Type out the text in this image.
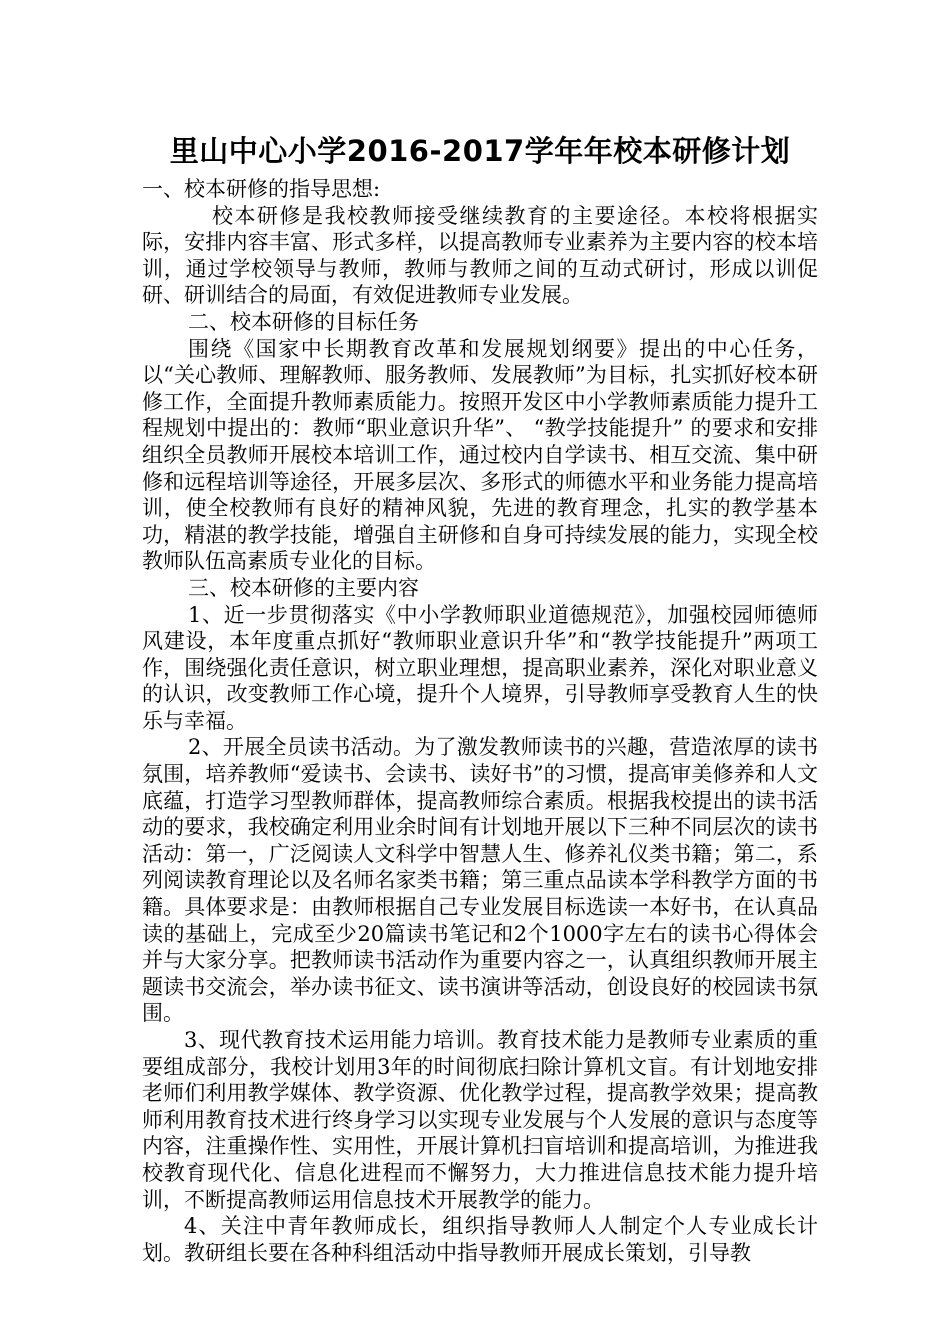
里山中心小学2016-2017学年年校本研修计划

一、校本研修的指导思想:

校本研修是我校教师接受继续教育的主要途径。本校将根据实际，安排内容丰富、形式多样，以提高教师专业素养为主要内容的校本培训，通过学校领导与教师，教师与教师之间的互动式研讨，形成以训促研、研训结合的局面，有效促进教师专业发展。

二、校本研修的目标任务

围绕《国家中长期教育改革和发展规划纲要》提出的中心任务，以“关心教师、理解教师、服务教师、发展教师”为目标，扎实抓好校本研修工作，全面提升教师素质能力。按照开发区中小学教师素质能力提升工程规划中提出的：教师“职业意识升华”、 “教学技能提升” 的要求和安排组织全员教师开展校本培训工作，通过校内自学读书、相互交流、集中研修和远程培训等途径，开展多层次、多形式的师德水平和业务能力提高培训，使全校教师有良好的精神风貌，先进的教育理念，扎实的教学基本功，精湛的教学技能，增强自主研修和自身可持续发展的能力，实现全校教师队伍高素质专业化的目标。

三、校本研修的主要内容

1、近一步贯彻落实《中小学教师职业道德规范》，加强校园师德师风建设，本年度重点抓好“教师职业意识升华”和“教学技能提升”两项工作，围绕强化责任意识，树立职业理想，提高职业素养，深化对职业意义的认识，改变教师工作心境，提升个人境界，引导教师享受教育人生的快乐与幸福。

2、开展全员读书活动。为了激发教师读书的兴趣，营造浓厚的读书氛围，培养教师“爱读书、会读书、读好书”的习惯，提高审美修养和人文底蕴，打造学习型教师群体，提高教师综合素质。根据我校提出的读书活动的要求，我校确定利用业余时间有计划地开展以下三种不同层次的读书活动：第一，广泛阅读人文科学中智慧人生、修养礼仪类书籍；第二，系列阅读教育理论以及名师名家类书籍；第三重点品读本学科教学方面的书籍。具体要求是：由教师根据自己专业发展目标选读一本好书，在认真品读的基础上，完成至少20篇读书笔记和2个1000字左右的读书心得体会并与大家分享。把教师读书活动作为重要内容之一，认真组织教师开展主题读书交流会，举办读书征文、读书演讲等活动，创设良好的校园读书氛围。

3、现代教育技术运用能力培训。教育技术能力是教师专业素质的重要组成部分，我校计划用3年的时间彻底扫除计算机文盲。有计划地安排老师们利用教学媒体、教学资源、优化教学过程，提高教学效果；提高教师利用教育技术进行终身学习以实现专业发展与个人发展的意识与态度等内容，注重操作性、实用性，开展计算机扫盲培训和提高培训，为推进我校教育现代化、信息化进程而不懈努力，大力推进信息技术能力提升培训，不断提高教师运用信息技术开展教学的能力。

4、关注中青年教师成长，组织指导教师人人制定个人专业成长计划。教研组长要在各种科组活动中指导教师开展成长策划，引导教
